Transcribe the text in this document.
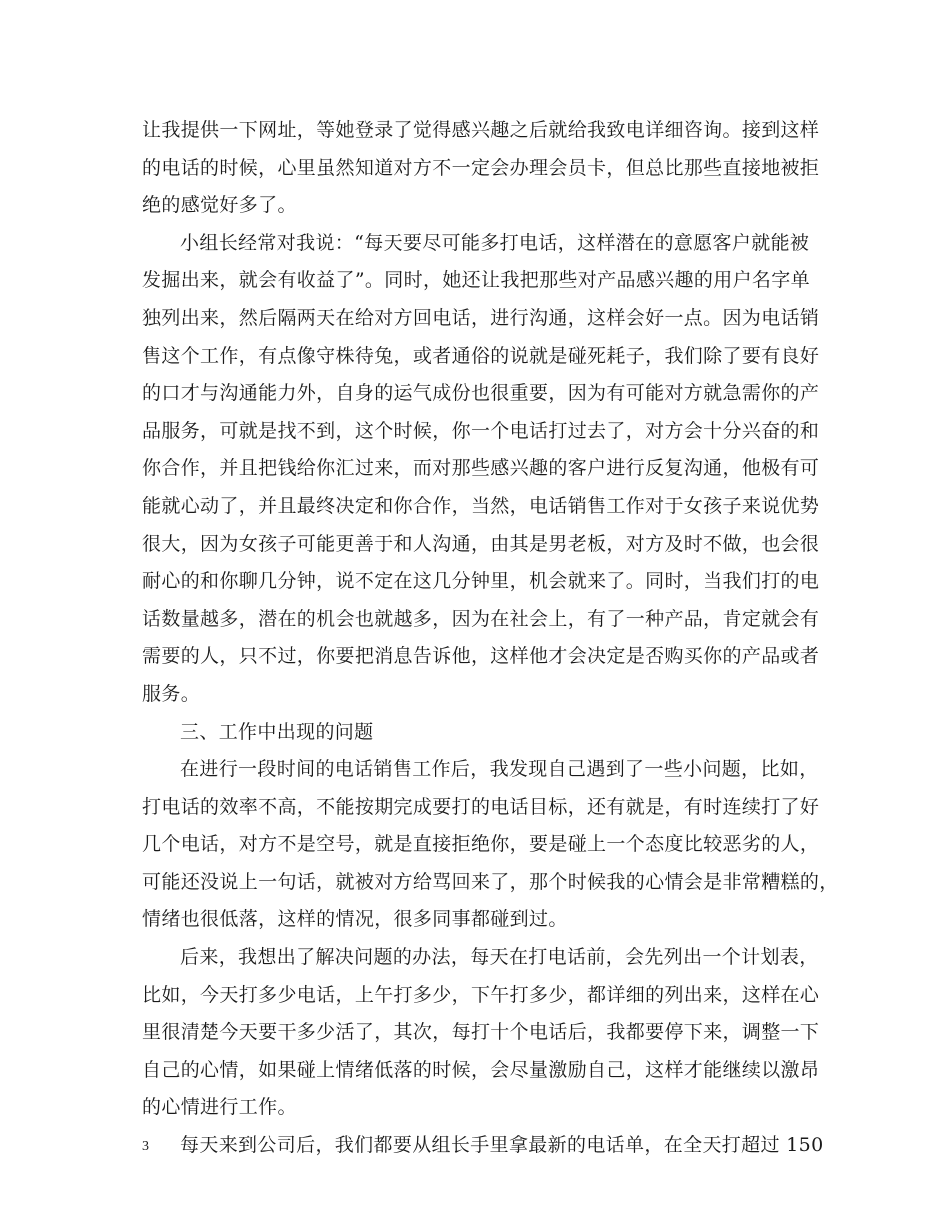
让我提供一下网址，等她登录了觉得感兴趣之后就给我致电详细咨询。接到这样
的电话的时候，心里虽然知道对方不一定会办理会员卡，但总比那些直接地被拒
绝的感觉好多了。
小组长经常对我说：“每天要尽可能多打电话，这样潜在的意愿客户就能被
发掘出来，就会有收益了”。同时，她还让我把那些对产品感兴趣的用户名字单
独列出来，然后隔两天在给对方回电话，进行沟通，这样会好一点。因为电话销
售这个工作，有点像守株待兔，或者通俗的说就是碰死耗子，我们除了要有良好
的口才与沟通能力外，自身的运气成份也很重要，因为有可能对方就急需你的产
品服务，可就是找不到，这个时候，你一个电话打过去了，对方会十分兴奋的和
你合作，并且把钱给你汇过来，而对那些感兴趣的客户进行反复沟通，他极有可
能就心动了，并且最终决定和你合作，当然，电话销售工作对于女孩子来说优势
很大，因为女孩子可能更善于和人沟通，由其是男老板，对方及时不做，也会很
耐心的和你聊几分钟，说不定在这几分钟里，机会就来了。同时，当我们打的电
话数量越多，潜在的机会也就越多，因为在社会上，有了一种产品，肯定就会有
需要的人，只不过，你要把消息告诉他，这样他才会决定是否购买你的产品或者
服务。
三、工作中出现的问题
在进行一段时间的电话销售工作后，我发现自己遇到了一些小问题，比如，
打电话的效率不高，不能按期完成要打的电话目标，还有就是，有时连续打了好
几个电话，对方不是空号，就是直接拒绝你，要是碰上一个态度比较恶劣的人，
可能还没说上一句话，就被对方给骂回来了，那个时候我的心情会是非常糟糕的，
情绪也很低落，这样的情况，很多同事都碰到过。
后来，我想出了解决问题的办法，每天在打电话前，会先列出一个计划表，
比如，今天打多少电话，上午打多少，下午打多少，都详细的列出来，这样在心
里很清楚今天要干多少活了，其次，每打十个电话后，我都要停下来，调整一下
自己的心情，如果碰上情绪低落的时候，会尽量激励自己，这样才能继续以激昂
的心情进行工作。
每天来到公司后，我们都要从组长手里拿最新的电话单，在全天打超过 150
3
